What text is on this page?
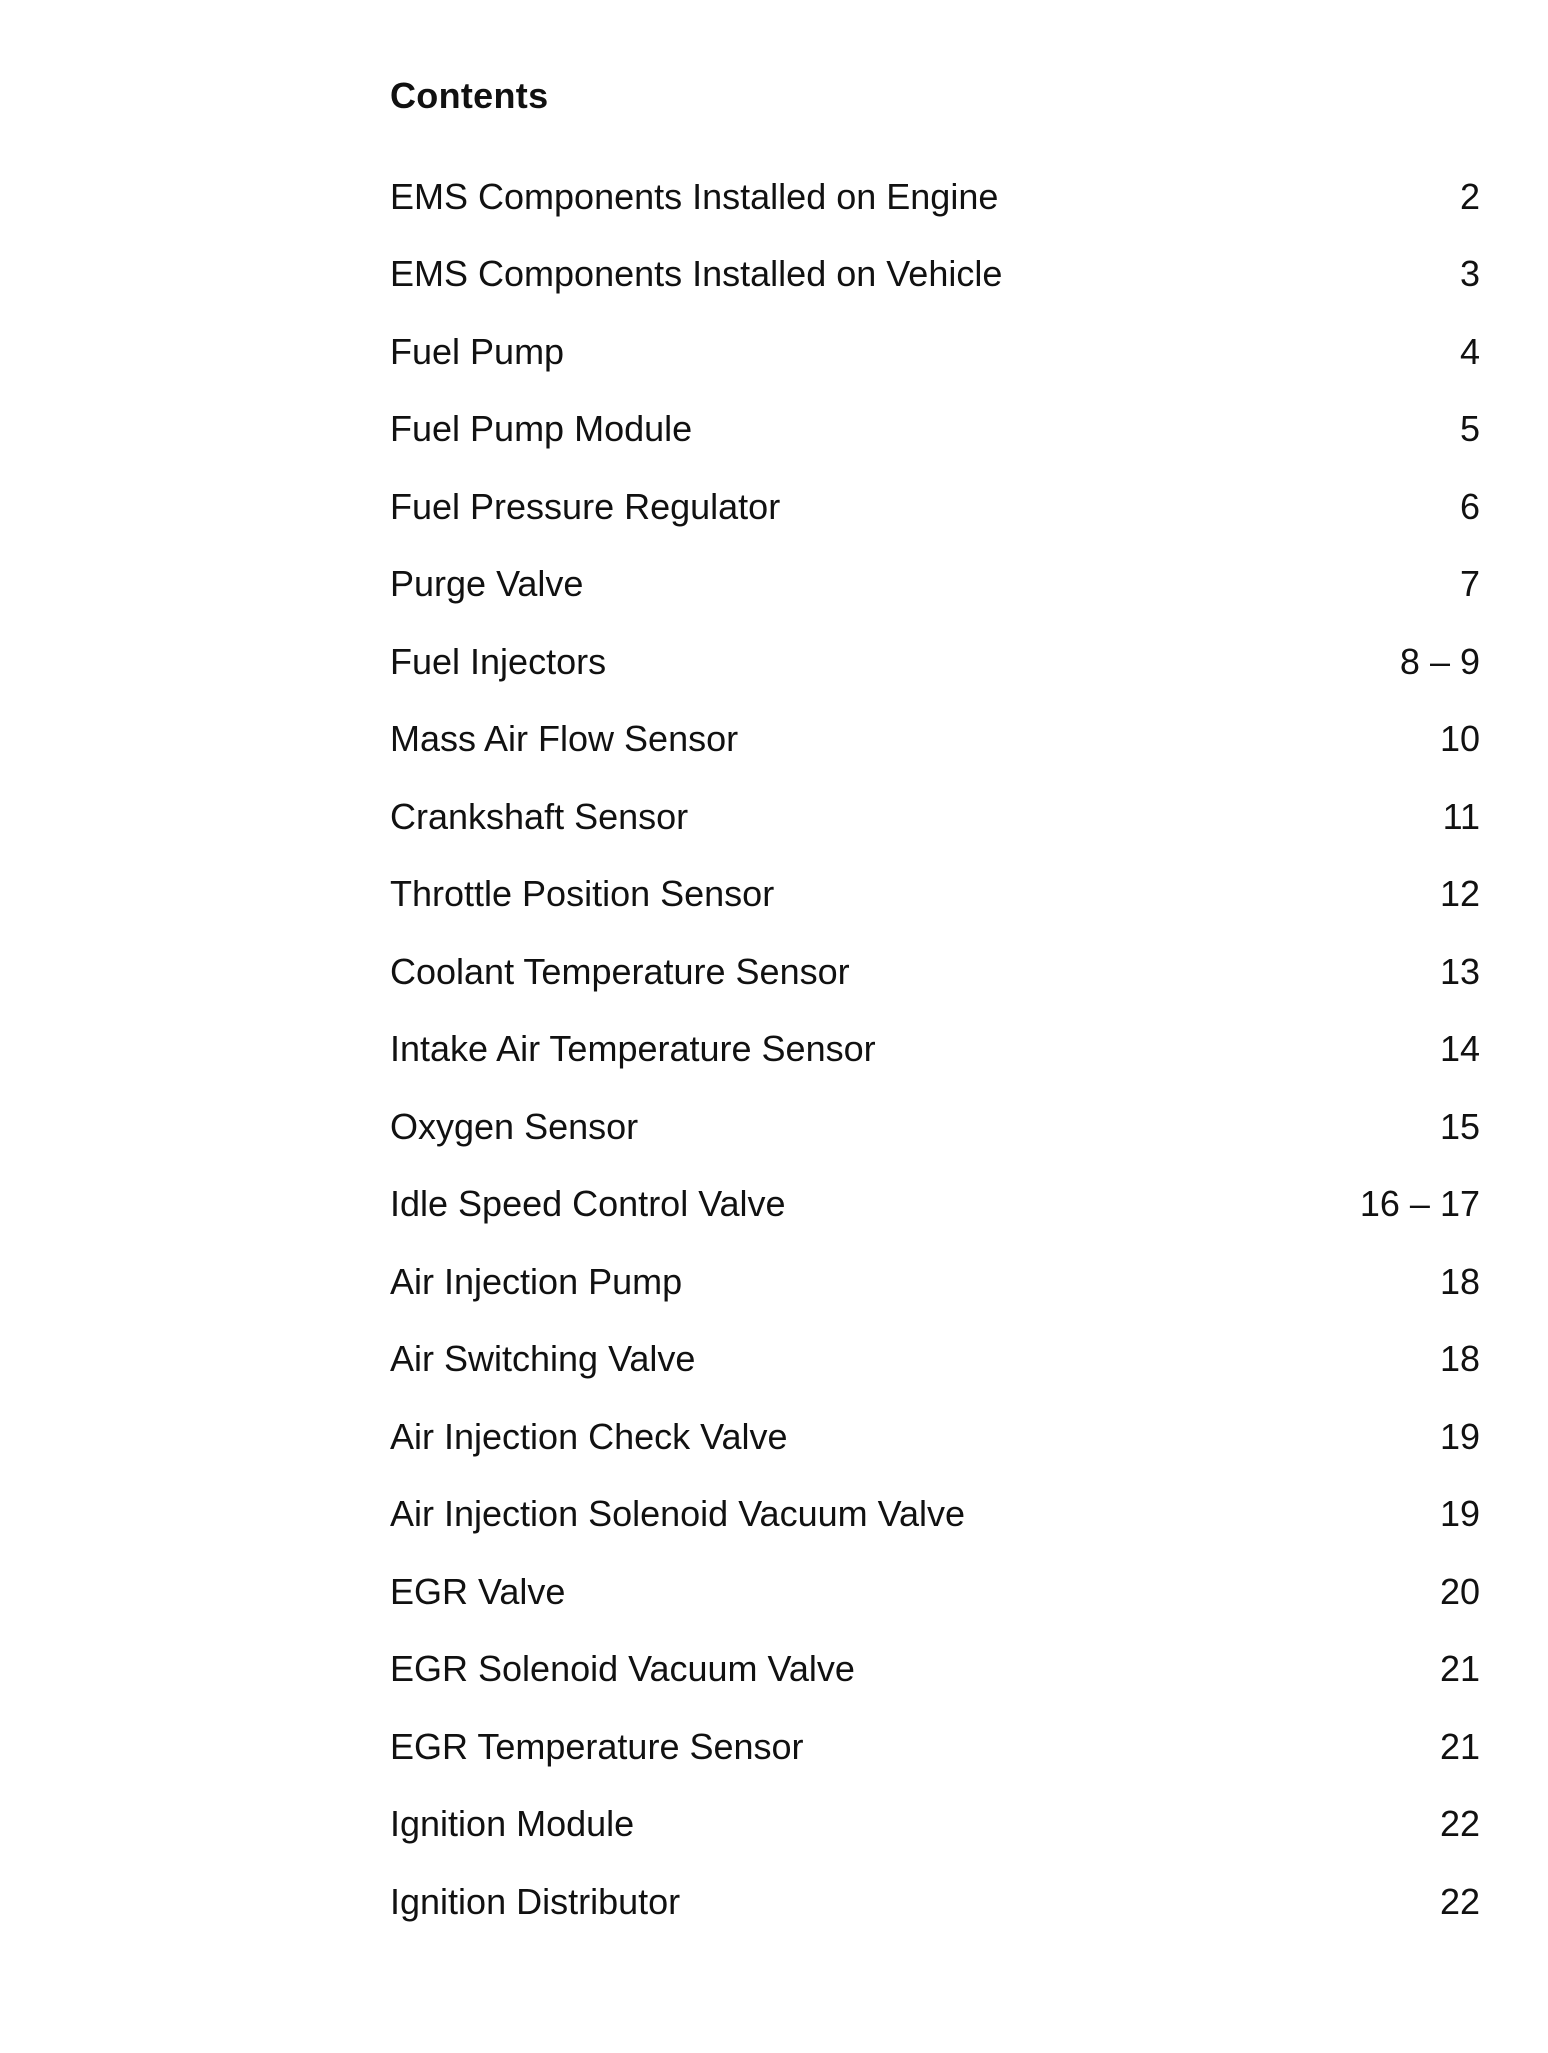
Contents
EMS Components Installed on Engine	2
EMS Components Installed on Vehicle	3
Fuel Pump	4
Fuel Pump Module	5
Fuel Pressure Regulator	6
Purge Valve	7
Fuel Injectors	8 – 9
Mass Air Flow Sensor	10
Crankshaft Sensor	11
Throttle Position Sensor	12
Coolant Temperature Sensor	13
Intake Air Temperature Sensor	14
Oxygen Sensor	15
Idle Speed Control Valve	16 – 17
Air Injection Pump	18
Air Switching Valve	18
Air Injection Check Valve	19
Air Injection Solenoid Vacuum Valve	19
EGR Valve	20
EGR Solenoid Vacuum Valve	21
EGR Temperature Sensor	21
Ignition Module	22
Ignition Distributor	22
